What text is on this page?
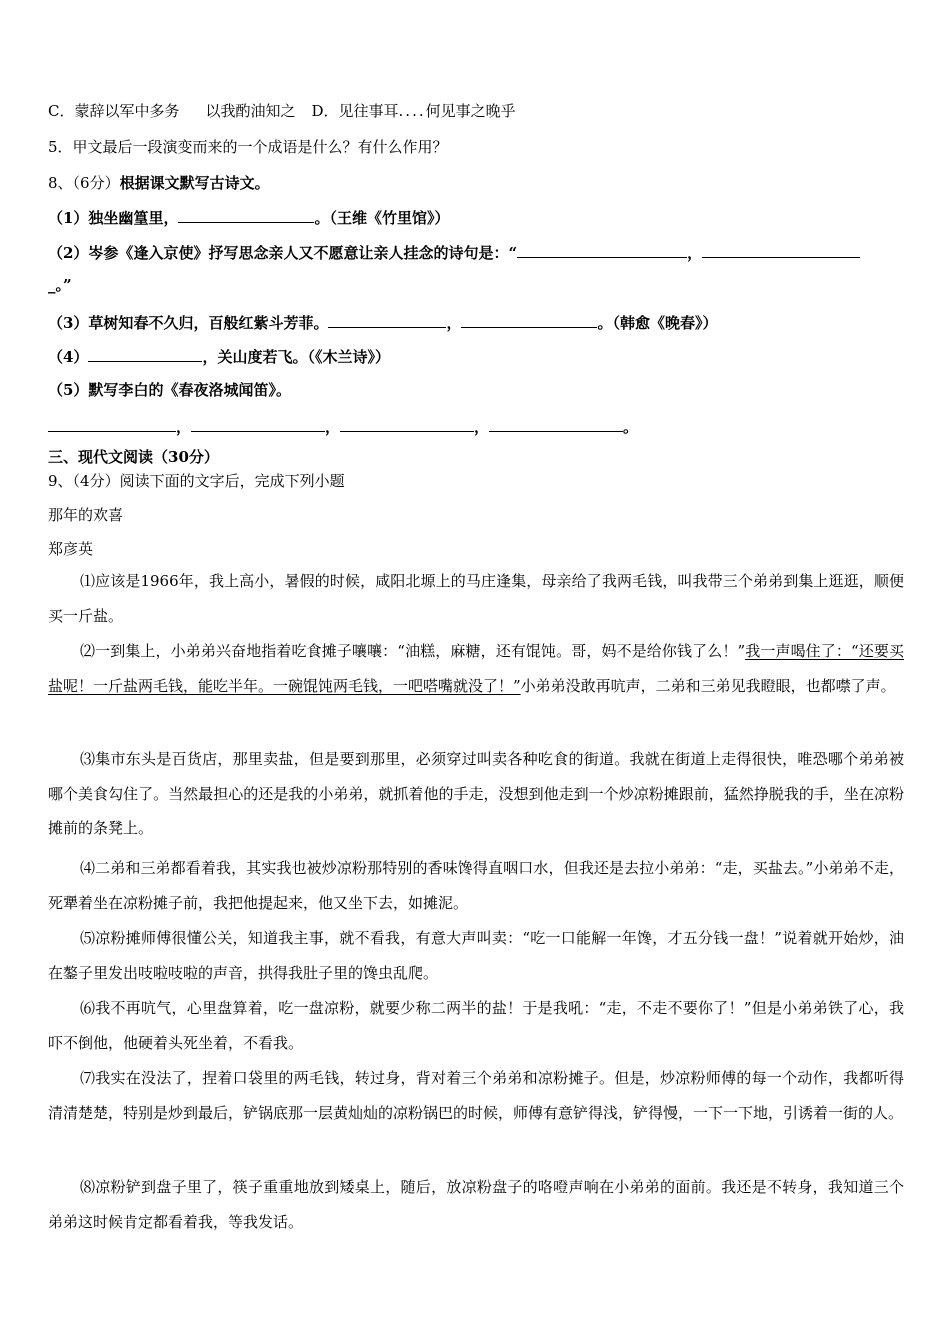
C．蒙辞以军中多务 以我酌油知之 D．见往事耳....何见事之晚乎
5．甲文最后一段演变而来的一个成语是什么？有什么作用？
8、（6分）根据课文默写古诗文。
（1）独坐幽篁里，	。（王维《竹里馆》）
（2）岑参《逢入京使》抒写思念亲人又不愿意让亲人挂念的诗句是：“	，
_。”
（3）草树知春不久归，百般红紫斗芳菲。	，	。（韩愈《晚春》）
（4）	，关山度若飞。（《木兰诗》）
（5）默写李白的《春夜洛城闻笛》。
，	，	，	。
三、现代文阅读（30分）
9、（4分）阅读下面的文字后，完成下列小题
那年的欢喜
郑彦英
⑴应该是1966年，我上高小，暑假的时候，咸阳北塬上的马庄逢集，母亲给了我两毛钱，叫我带三个弟弟到集上逛逛，顺便买一斤盐。
⑵一到集上，小弟弟兴奋地指着吃食摊子嚷嚷：“油糕，麻糖，还有馄饨。哥，妈不是给你钱了么！”我一声喝住了：“还要买盐呢！一斤盐两毛钱，能吃半年。一碗馄饨两毛钱，一吧嗒嘴就没了！”小弟弟没敢再吭声，二弟和三弟见我瞪眼，也都噤了声。
⑶集市东头是百货店，那里卖盐，但是要到那里，必须穿过叫卖各种吃食的街道。我就在街道上走得很快，唯恐哪个弟弟被哪个美食勾住了。当然最担心的还是我的小弟弟，就抓着他的手走，没想到他走到一个炒凉粉摊跟前，猛然挣脱我的手，坐在凉粉摊前的条凳上。
⑷二弟和三弟都看着我，其实我也被炒凉粉那特别的香味馋得直咽口水，但我还是去拉小弟弟：“走，买盐去。”小弟弟不走，死犟着坐在凉粉摊子前，我把他提起来，他又坐下去，如摊泥。
⑸凉粉摊师傅很懂公关，知道我主事，就不看我，有意大声叫卖：“吃一口能解一年馋，才五分钱一盘！”说着就开始炒，油在鏊子里发出吱啦吱啦的声音，拱得我肚子里的馋虫乱爬。
⑹我不再吭气，心里盘算着，吃一盘凉粉，就要少称二两半的盐！于是我吼：“走，不走不要你了！”但是小弟弟铁了心，我吓不倒他，他硬着头死坐着，不看我。
⑺我实在没法了，捏着口袋里的两毛钱，转过身，背对着三个弟弟和凉粉摊子。但是，炒凉粉师傅的每一个动作，我都听得清清楚楚，特别是炒到最后，铲锅底那一层黄灿灿的凉粉锅巴的时候，师傅有意铲得浅，铲得慢，一下一下地，引诱着一街的人。
⑻凉粉铲到盘子里了，筷子重重地放到矮桌上，随后，放凉粉盘子的咯噔声响在小弟弟的面前。我还是不转身，我知道三个弟弟这时候肯定都看着我，等我发话。
